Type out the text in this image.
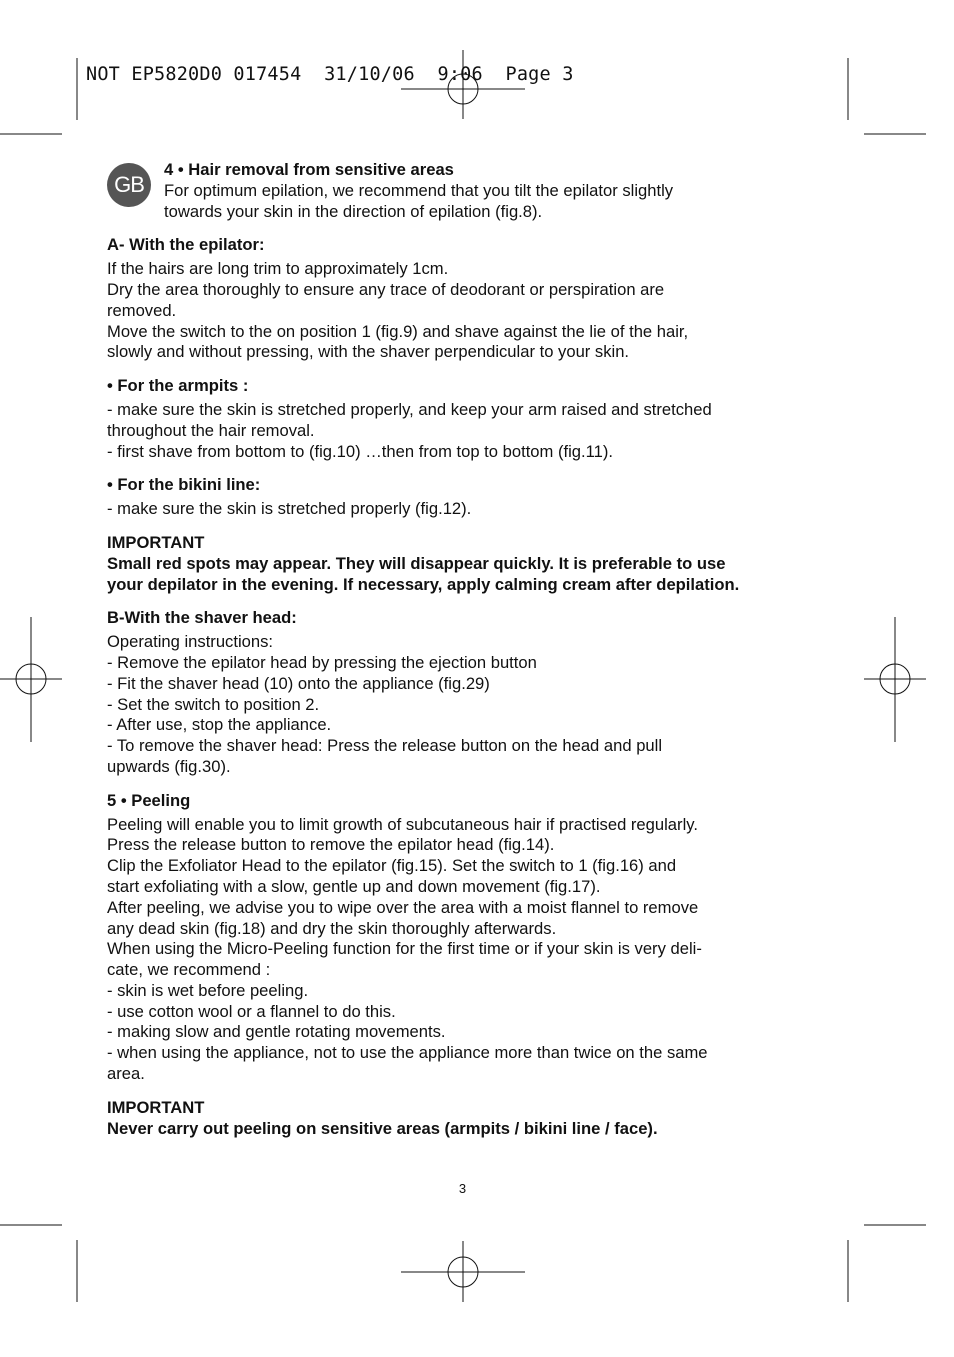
NOT EP5820D0 017454  31/10/06  9:06  Page 3
GB

4 • Hair removal from sensitive areas

For optimum epilation, we recommend that you tilt the epilator slightly

towards your skin in the direction of epilation (fig.8).

A- With the epilator:

If the hairs are long trim to approximately 1cm.

Dry the area thoroughly to ensure any trace of deodorant or perspiration are

removed.

Move the switch to the on position 1 (fig.9) and shave against the lie of the hair,

slowly and without pressing, with the shaver perpendicular to your skin.

• For the armpits :

- make sure the skin is stretched properly, and keep your arm raised and stretched

throughout the hair removal.

- first shave from bottom to (fig.10) …then from top to bottom (fig.11).

• For the bikini line:

- make sure the skin is stretched properly (fig.12).

IMPORTANT

Small red spots may appear. They will disappear quickly. It is preferable to use

your depilator in the evening. If necessary, apply calming cream after depilation.

B-With the shaver head:

Operating instructions:

- Remove the epilator head by pressing the ejection button

- Fit the shaver head (10) onto the appliance (fig.29)

- Set the switch to position 2.

- After use, stop the appliance.

- To remove the shaver head: Press the release button on the head and pull

upwards (fig.30).

5 • Peeling

Peeling will enable you to limit growth of subcutaneous hair if practised regularly.

Press the release button to remove the epilator head (fig.14).

Clip the Exfoliator Head to the epilator (fig.15). Set the switch to 1 (fig.16) and

start exfoliating with a slow, gentle up and down movement (fig.17).

After peeling, we advise you to wipe over the area with a moist flannel to remove

any dead skin (fig.18) and dry the skin thoroughly afterwards.

When using the Micro-Peeling function for the first time or if your skin is very deli-

cate, we recommend :

- skin is wet before peeling.

- use cotton wool or a flannel to do this.

- making slow and gentle rotating movements.

- when using the appliance, not to use the appliance more than twice on the same

area.

IMPORTANT

Never carry out peeling on sensitive areas (armpits / bikini line / face).

3
